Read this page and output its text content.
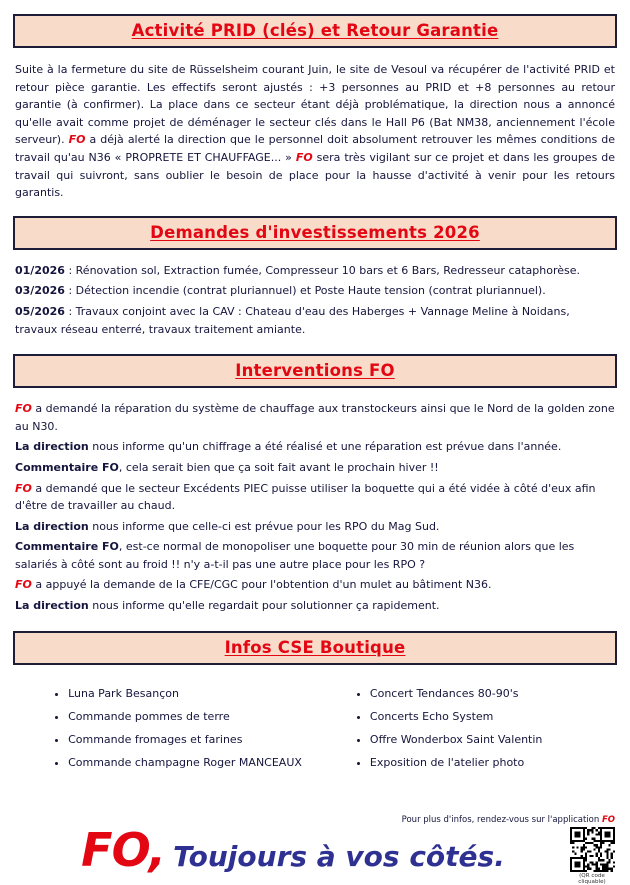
Activité PRID (clés) et Retour Garantie

Suite à la fermeture du site de Rüsselsheim courant Juin, le site de Vesoul va récupérer de l'activité PRID et retour pièce garantie. Les effectifs seront ajustés : +3 personnes au PRID et +8 personnes au retour garantie (à confirmer). La place dans ce secteur étant déjà problématique, la direction nous a annoncé qu'elle avait comme projet de déménager le secteur clés dans le Hall P6 (Bat NM38, anciennement l'école serveur). FO a déjà alerté la direction que le personnel doit absolument retrouver les mêmes conditions de travail qu'au N36 « PROPRETE ET CHAUFFAGE... » FO sera très vigilant sur ce projet et dans les groupes de travail qui suivront, sans oublier le besoin de place pour la hausse d'activité à venir pour les retours garantis.

Demandes d'investissements 2026

01/2026 : Rénovation sol, Extraction fumée, Compresseur 10 bars et 6 Bars, Redresseur cataphorèse.

03/2026 : Détection incendie (contrat pluriannuel) et Poste Haute tension (contrat pluriannuel).

05/2026 : Travaux conjoint avec la CAV : Chateau d'eau des Haberges + Vannage Meline à Noidans, travaux réseau enterré, travaux traitement amiante.

Interventions FO

FO a demandé la réparation du système de chauffage aux transtockeurs ainsi que le Nord de la golden zone au N30.

La direction nous informe qu'un chiffrage a été réalisé et une réparation est prévue dans l'année.

Commentaire FO, cela serait bien que ça soit fait avant le prochain hiver !!

FO a demandé que le secteur Excédents PIEC puisse utiliser la boquette qui a été vidée à côté d'eux afin d'être de travailler au chaud.

La direction nous informe que celle-ci est prévue pour les RPO du Mag Sud.

Commentaire FO, est-ce normal de monopoliser une boquette pour 30 min de réunion alors que les salariés à côté sont au froid !! n'y a-t-il pas une autre place pour les RPO ?

FO a appuyé la demande de la CFE/CGC pour l'obtention d'un mulet au bâtiment N36.

La direction nous informe qu'elle regardait pour solutionner ça rapidement.

Infos CSE Boutique
• Luna Park Besançon
• Commande pommes de terre
• Commande fromages et farines
• Commande champagne Roger MANCEAUX
• Concert Tendances 80-90's
• Concerts Echo System
• Offre Wonderbox Saint Valentin
• Exposition de l'atelier photo
Pour plus d'infos, rendez-vous sur l'application FO
(QR code cliquable)
FO, Toujours à vos côtés.
